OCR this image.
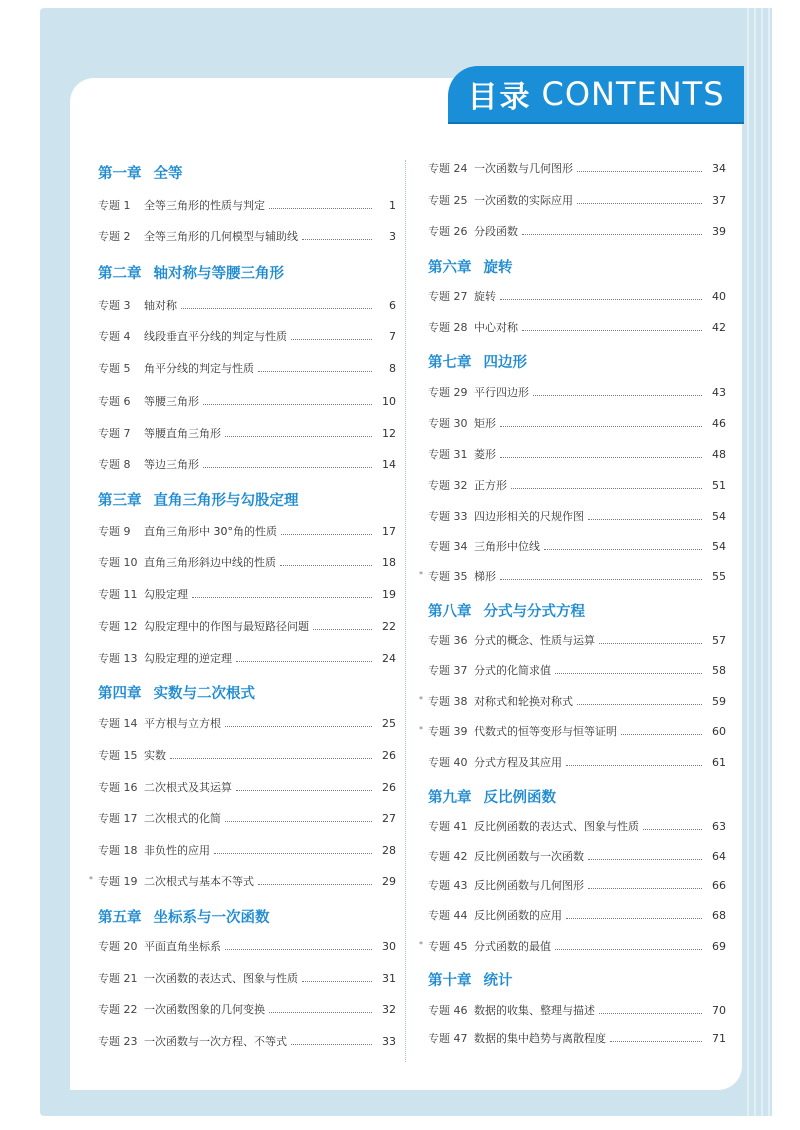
目录 CONTENTS
第一章 全等
专题 1	全等三角形的性质与判定	1
专题 2	全等三角形的几何模型与辅助线	3
第二章 轴对称与等腰三角形
专题 3	轴对称	6
专题 4	线段垂直平分线的判定与性质	7
专题 5	角平分线的判定与性质	8
专题 6	等腰三角形	10
专题 7	等腰直角三角形	12
专题 8	等边三角形	14
第三章 直角三角形与勾股定理
专题 9	直角三角形中 30°角的性质	17
专题 10 直角三角形斜边中线的性质	18
专题 11 勾股定理	19
专题 12 勾股定理中的作图与最短路径问题	22
专题 13 勾股定理的逆定理	24
第四章 实数与二次根式
专题 14 平方根与立方根	25
专题 15 实数	26
专题 16 二次根式及其运算	26
专题 17 二次根式的化简	27
专题 18 非负性的应用	28
* 专题 19 二次根式与基本不等式	29
第五章 坐标系与一次函数
专题 20 平面直角坐标系	30
专题 21 一次函数的表达式、图象与性质	31
专题 22 一次函数图象的几何变换	32
专题 23 一次函数与一次方程、不等式	33
专题 24 一次函数与几何图形	34
专题 25 一次函数的实际应用	37
专题 26 分段函数	39
第六章 旋转
专题 27 旋转	40
专题 28 中心对称	42
第七章 四边形
专题 29 平行四边形	43
专题 30 矩形	46
专题 31 菱形	48
专题 32 正方形	51
专题 33 四边形相关的尺规作图	54
专题 34 三角形中位线	54
* 专题 35 梯形	55
第八章 分式与分式方程
专题 36 分式的概念、性质与运算	57
专题 37 分式的化简求值	58
* 专题 38 对称式和轮换对称式	59
* 专题 39 代数式的恒等变形与恒等证明	60
专题 40 分式方程及其应用	61
第九章 反比例函数
专题 41 反比例函数的表达式、图象与性质	63
专题 42 反比例函数与一次函数	64
专题 43 反比例函数与几何图形	66
专题 44 反比例函数的应用	68
* 专题 45 分式函数的最值	69
第十章 统计
专题 46 数据的收集、整理与描述	70
专题 47 数据的集中趋势与离散程度	71
